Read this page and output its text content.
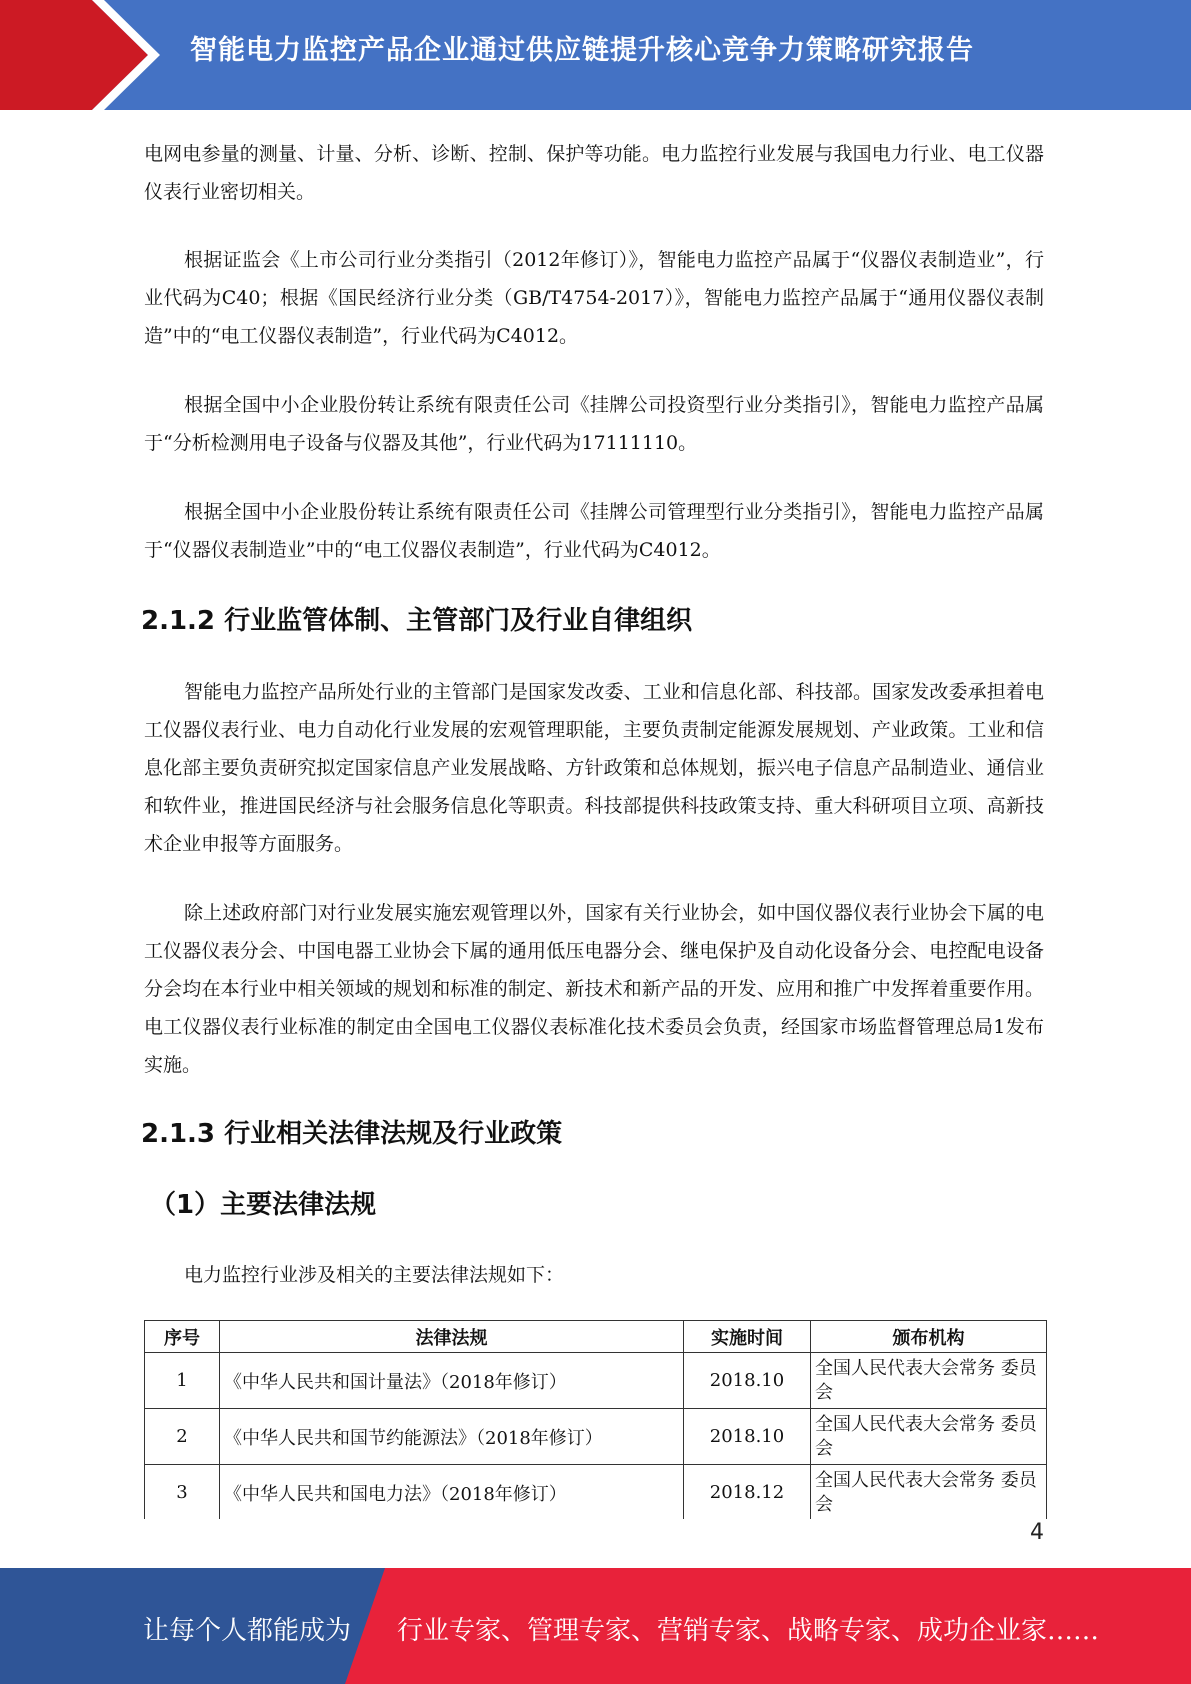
智能电力监控产品企业通过供应链提升核心竞争力策略研究报告

电网电参量的测量、计量、分析、诊断、控制、保护等功能。电力监控行业发展与我国电力行业、电工仪器仪表行业密切相关。

根据证监会《上市公司行业分类指引（2012年修订）》，智能电力监控产品属于“仪器仪表制造业”，行业代码为C40；根据《国民经济行业分类（GB/T4754-2017）》，智能电力监控产品属于“通用仪器仪表制造”中的“电工仪器仪表制造”，行业代码为C4012。

根据全国中小企业股份转让系统有限责任公司《挂牌公司投资型行业分类指引》，智能电力监控产品属于“分析检测用电子设备与仪器及其他”，行业代码为17111110。

根据全国中小企业股份转让系统有限责任公司《挂牌公司管理型行业分类指引》，智能电力监控产品属于“仪器仪表制造业”中的“电工仪器仪表制造”，行业代码为C4012。

2.1.2 行业监管体制、主管部门及行业自律组织

智能电力监控产品所处行业的主管部门是国家发改委、工业和信息化部、科技部。国家发改委承担着电工仪器仪表行业、电力自动化行业发展的宏观管理职能，主要负责制定能源发展规划、产业政策。工业和信息化部主要负责研究拟定国家信息产业发展战略、方针政策和总体规划，振兴电子信息产品制造业、通信业和软件业，推进国民经济与社会服务信息化等职责。科技部提供科技政策支持、重大科研项目立项、高新技术企业申报等方面服务。

除上述政府部门对行业发展实施宏观管理以外，国家有关行业协会，如中国仪器仪表行业协会下属的电工仪器仪表分会、中国电器工业协会下属的通用低压电器分会、继电保护及自动化设备分会、电控配电设备分会均在本行业中相关领域的规划和标准的制定、新技术和新产品的开发、应用和推广中发挥着重要作用。电工仪器仪表行业标准的制定由全国电工仪器仪表标准化技术委员会负责，经国家市场监督管理总局1发布实施。

2.1.3 行业相关法律法规及行业政策
（1）主要法律法规

电力监控行业涉及相关的主要法律法规如下：

序号	法律法规	实施时间	颁布机构
1	《中华人民共和国计量法》（2018年修订）	2018.10	全国人民代表大会常务 委员会
2	《中华人民共和国节约能源法》（2018年修订）	2018.10	全国人民代表大会常务 委员会
3	《中华人民共和国电力法》（2018年修订）	2018.12	全国人民代表大会常务 委员会
4
让每个人都能成为 行业专家、管理专家、营销专家、战略专家、成功企业家……
